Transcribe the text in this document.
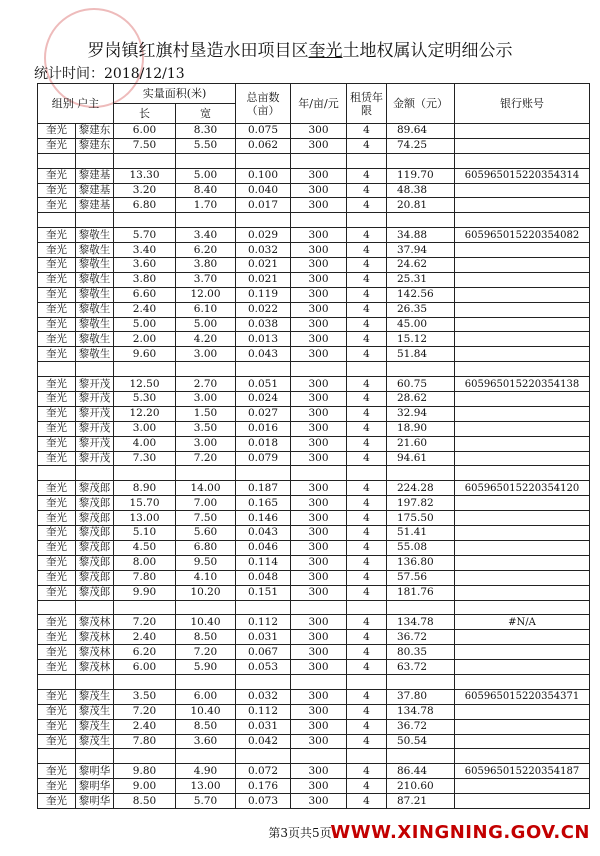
罗岗镇红旗村垦造水田项目区奎光土地权属认定明细公示
统计时间：2018/12/13
组别 户主		实量面积(米)		总亩数（亩）	年/亩/元	租赁年限	金额（元）	银行账号
		长	宽					
奎光	黎建东	6.00	8.30	0.075	300	4	89.64	
奎光	黎建东	7.50	5.50	0.062	300	4	74.25	

奎光	黎建基	13.30	5.00	0.100	300	4	119.70	605965015220354314
奎光	黎建基	3.20	8.40	0.040	300	4	48.38	
奎光	黎建基	6.80	1.70	0.017	300	4	20.81	

奎光	黎敬生	5.70	3.40	0.029	300	4	34.88	605965015220354082
奎光	黎敬生	3.40	6.20	0.032	300	4	37.94	
奎光	黎敬生	3.60	3.80	0.021	300	4	24.62	
奎光	黎敬生	3.80	3.70	0.021	300	4	25.31	
奎光	黎敬生	6.60	12.00	0.119	300	4	142.56	
奎光	黎敬生	2.40	6.10	0.022	300	4	26.35	
奎光	黎敬生	5.00	5.00	0.038	300	4	45.00	
奎光	黎敬生	2.00	4.20	0.013	300	4	15.12	
奎光	黎敬生	9.60	3.00	0.043	300	4	51.84	

奎光	黎开茂	12.50	2.70	0.051	300	4	60.75	605965015220354138
奎光	黎开茂	5.30	3.00	0.024	300	4	28.62	
奎光	黎开茂	12.20	1.50	0.027	300	4	32.94	
奎光	黎开茂	3.00	3.50	0.016	300	4	18.90	
奎光	黎开茂	4.00	3.00	0.018	300	4	21.60	
奎光	黎开茂	7.30	7.20	0.079	300	4	94.61	

奎光	黎茂郎	8.90	14.00	0.187	300	4	224.28	605965015220354120
奎光	黎茂郎	15.70	7.00	0.165	300	4	197.82	
奎光	黎茂郎	13.00	7.50	0.146	300	4	175.50	
奎光	黎茂郎	5.10	5.60	0.043	300	4	51.41	
奎光	黎茂郎	4.50	6.80	0.046	300	4	55.08	
奎光	黎茂郎	8.00	9.50	0.114	300	4	136.80	
奎光	黎茂郎	7.80	4.10	0.048	300	4	57.56	
奎光	黎茂郎	9.90	10.20	0.151	300	4	181.76	

奎光	黎茂林	7.20	10.40	0.112	300	4	134.78	#N/A
奎光	黎茂林	2.40	8.50	0.031	300	4	36.72	
奎光	黎茂林	6.20	7.20	0.067	300	4	80.35	
奎光	黎茂林	6.00	5.90	0.053	300	4	63.72	

奎光	黎茂生	3.50	6.00	0.032	300	4	37.80	605965015220354371
奎光	黎茂生	7.20	10.40	0.112	300	4	134.78	
奎光	黎茂生	2.40	8.50	0.031	300	4	36.72	
奎光	黎茂生	7.80	3.60	0.042	300	4	50.54	

奎光	黎明华	9.80	4.90	0.072	300	4	86.44	605965015220354187
奎光	黎明华	9.00	13.00	0.176	300	4	210.60	
奎光	黎明华	8.50	5.70	0.073	300	4	87.21	
第3页共5页
WWW.XINGNING.GOV.CN
